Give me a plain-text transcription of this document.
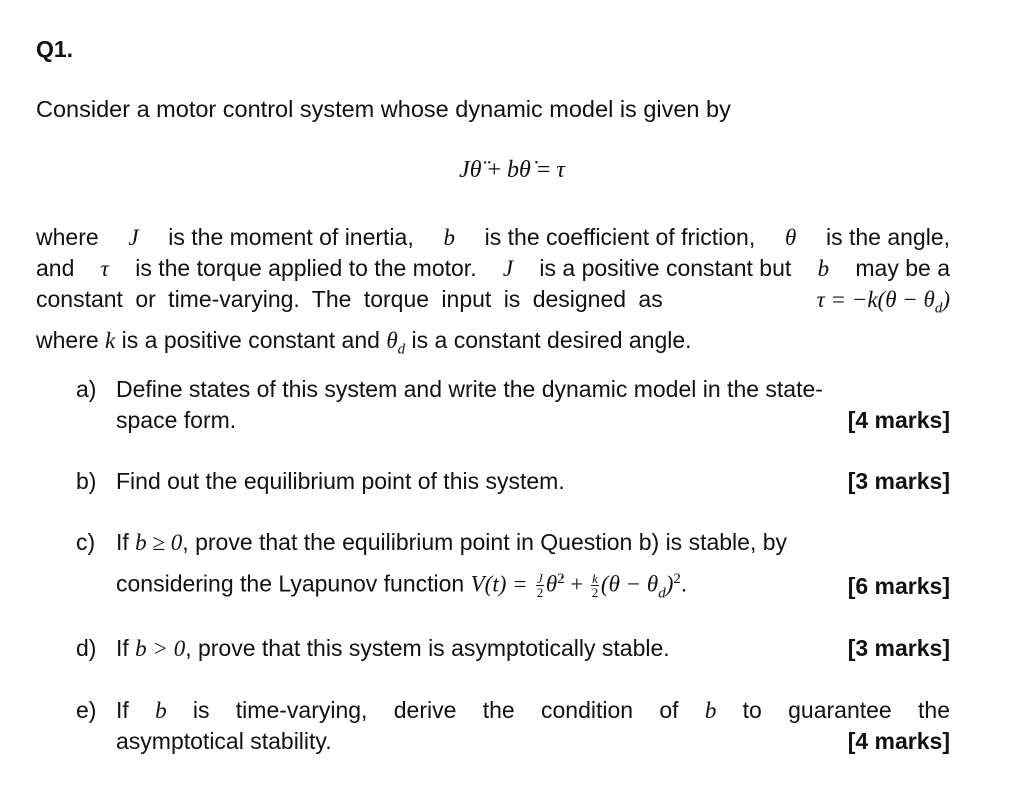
Q1.
Consider a motor control system whose dynamic model is given by
Jθ̈ + bθ̇ = τ
where J is the moment of inertia, b is the coefficient of friction, θ is the angle,
and τ is the torque applied to the motor. J is a positive constant but b may be a
constant or time-varying. The torque input is designed as	$\tau = -k(\theta - \theta_d)$
where k is a positive constant and $\theta_d$ is a constant desired angle.
a) Define states of this system and write the dynamic model in the state-
space form.	[4 marks]
b) Find out the equilibrium point of this system.	[3 marks]
c) If
b ≥ 0 , prove that the equilibrium point in Question b) is stable, by
considering the Lyapunov function $V(t) = \frac{J}{2}$ θ̇$^2$ + $\frac{k}{2} (\theta - \theta_d)^2$.	[6 marks]
d) If b > 0, prove that this system is asymptotically stable.	[3 marks]
e) If b is time-varying, derive the condition of b to guarantee the
asymptotical stability.	[4 marks]
